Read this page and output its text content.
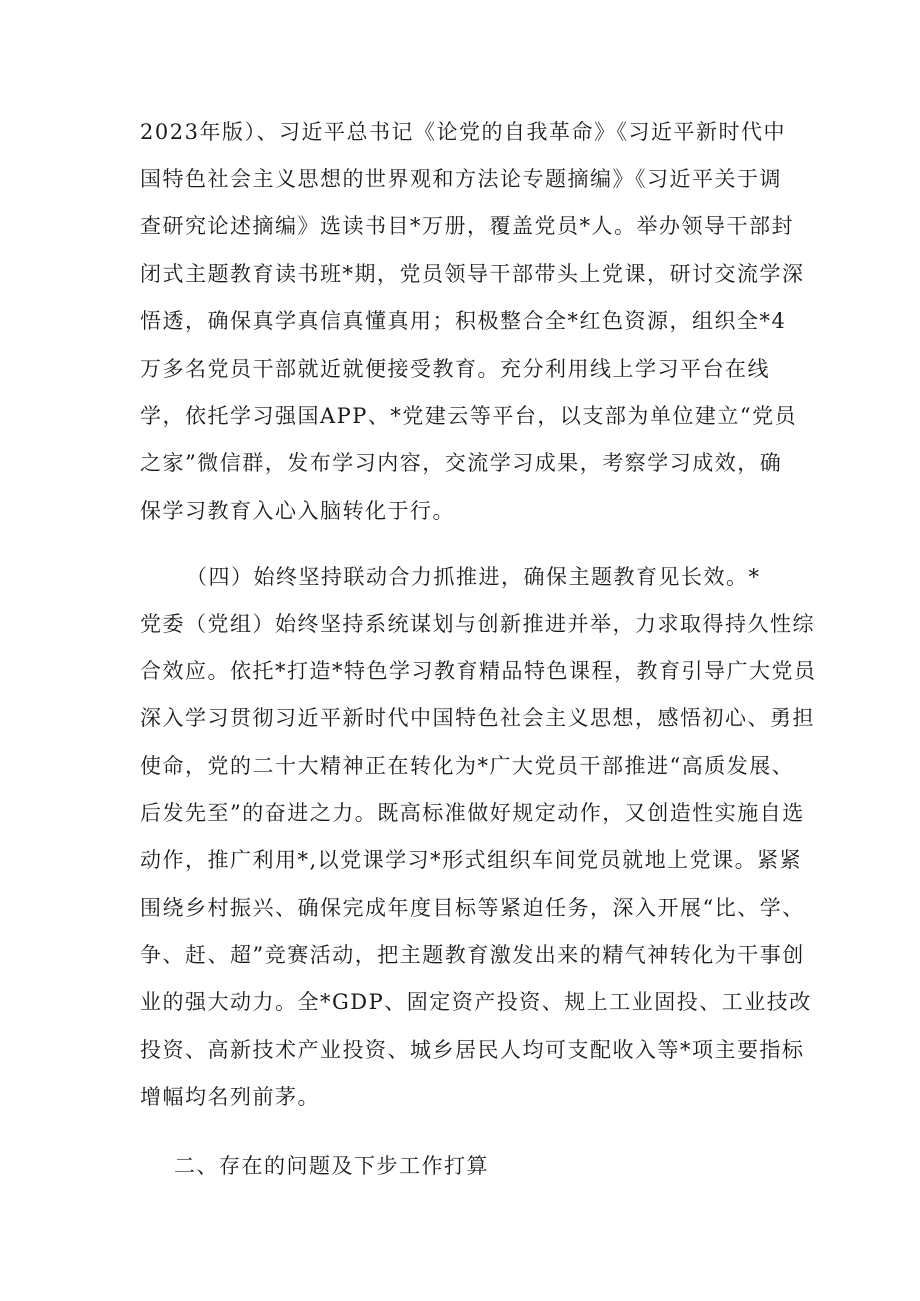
2023年版）、习近平总书记《论党的自我革命》《习近平新时代中

国特色社会主义思想的世界观和方法论专题摘编》《习近平关于调

查研究论述摘编》选读书目*万册，覆盖党员*人。举办领导干部封

闭式主题教育读书班*期，党员领导干部带头上党课，研讨交流学深

悟透，确保真学真信真懂真用；积极整合全*红色资源，组织全*4

万多名党员干部就近就便接受教育。充分利用线上学习平台在线

学，依托学习强国APP、*党建云等平台，以支部为单位建立“党员

之家”微信群，发布学习内容，交流学习成果，考察学习成效，确

保学习教育入心入脑转化于行。

（四）始终坚持联动合力抓推进，确保主题教育见长效。*

党委（党组）始终坚持系统谋划与创新推进并举，力求取得持久性综

合效应。依托*打造*特色学习教育精品特色课程，教育引导广大党员

深入学习贯彻习近平新时代中国特色社会主义思想，感悟初心、勇担

使命，党的二十大精神正在转化为*广大党员干部推进“高质发展、

后发先至”的奋进之力。既高标准做好规定动作，又创造性实施自选

动作，推广利用*,以党课学习*形式组织车间党员就地上党课。紧紧

围绕乡村振兴、确保完成年度目标等紧迫任务，深入开展“比、学、

争、赶、超”竞赛活动，把主题教育激发出来的精气神转化为干事创

业的强大动力。全*GDP、固定资产投资、规上工业固投、工业技改

投资、高新技术产业投资、城乡居民人均可支配收入等*项主要指标

增幅均名列前茅。

二、存在的问题及下步工作打算
